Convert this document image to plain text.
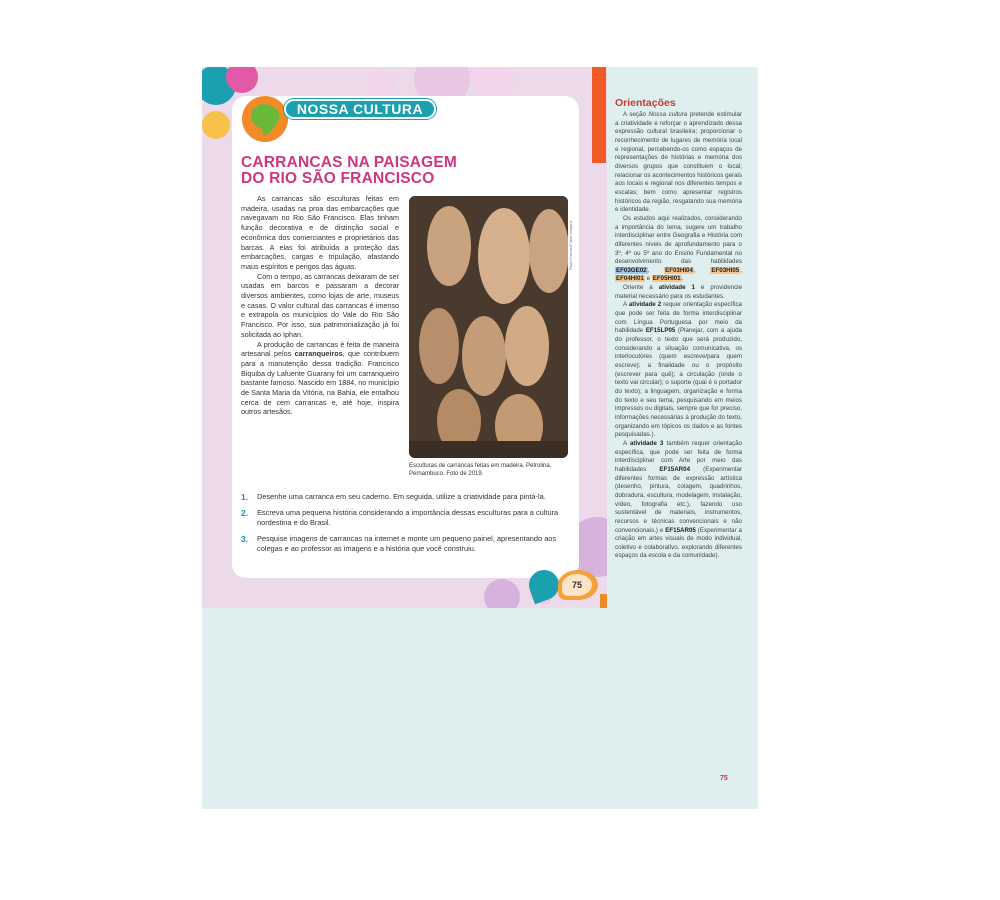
NOSSA CULTURA
CARRANCAS NA PAISAGEM
DO RIO SÃO FRANCISCO

As carrancas são esculturas feitas em madeira, usadas na proa das embarcações que navegavam no Rio São Francisco. Elas tinham função decorativa e de distinção social e econômica dos comerciantes e proprietários das barcas. A elas foi atribuída a proteção das embarcações, cargas e tripulação, afastando maus espíritos e perigos das águas.

Com o tempo, as carrancas deixaram de ser usadas em barcos e passaram a decorar diversos ambientes, como lojas de arte, museus e casas. O valor cultural das carrancas é imenso e extrapola os municípios do Vale do Rio São Francisco. Por isso, sua patrimonialização já foi solicitada ao Iphan.

A produção de carrancas é feita de maneira artesanal pelos carranqueiros, que contribuem para a manutenção dessa tradição. Francisco Biquiba dy Lafuente Guarany foi um carranqueiro bastante famoso. Nascido em 1884, no município de Santa Maria da Vitória, na Bahia, ele entalhou cerca de cem carrancas e, até hoje, inspira outros artesãos.

Paulo Fridman/Pulsar Imagens
Esculturas de carrancas feitas em madeira. Petrolina, Pernambuco. Foto de 2019.
1. Desenhe uma carranca em seu caderno. Em seguida, utilize a criatividade para pintá-la.
2. Escreva uma pequena história considerando a importância dessas esculturas para a cultura nordestina e do Brasil.
3. Pesquise imagens de carrancas na internet e monte um pequeno painel, apresentando aos colegas e ao professor as imagens e a história que você construiu.
75
Orientações

A seção Nossa cultura pretende estimular a criatividade e reforçar o aprendizado dessa expressão cultural brasileira; proporcionar o reconhecimento de lugares de memória local e regional, percebendo-os como espaços de representações de histórias e memória dos diversos grupos que constituem o local; relacionar os acontecimentos históricos gerais aos locais e regional nos diferentes tempos e escalas; bem como apresentar registros históricos da região, resgatando sua memória e identidade.

Os estudos aqui realizados, considerando a importância do tema, sugere um trabalho interdisciplinar entre Geografia e História com diferentes níveis de aprofundamento para o 3º, 4º ou 5º ano do Ensino Fundamental no desenvolvimento das habilidades EF03GE02, EF03HI04, EF03HI05, EF04HI01 e EF05HI01.

Oriente a atividade 1 e providencie material necessário para os estudantes.

A atividade 2 requer orientação específica que pode ser feita de forma interdisciplinar com Língua Portuguesa por meio da habilidade EF15LP05 (Planejar, com a ajuda do professor, o texto que será produzido, considerando a situação comunicativa, os interlocutores (quem escreve/para quem escreve); a finalidade ou o propósito (escrever para quê); a circulação (onde o texto vai circular); o suporte (qual é o portador do texto); a linguagem, organização e forma do texto e seu tema, pesquisando em meios impressos ou digitais, sempre que for preciso, informações necessárias à produção do texto, organizando em tópicos os dados e as fontes pesquisadas.).

A atividade 3 também requer orientação específica, que pode ser feita de forma interdisciplinar com Arte por meio das habilidades EF15AR04 (Experimentar diferentes formas de expressão artística (desenho, pintura, colagem, quadrinhos, dobradura, escultura, modelagem, instalação, vídeo, fotografia etc.), fazendo uso sustentável de materiais, instrumentos, recursos e técnicas convencionais e não convencionais.) e EF15AR05 (Experimentar a criação em artes visuais de modo individual, coletivo e colaborativo, explorando diferentes espaços da escola e da comunidade).

75
